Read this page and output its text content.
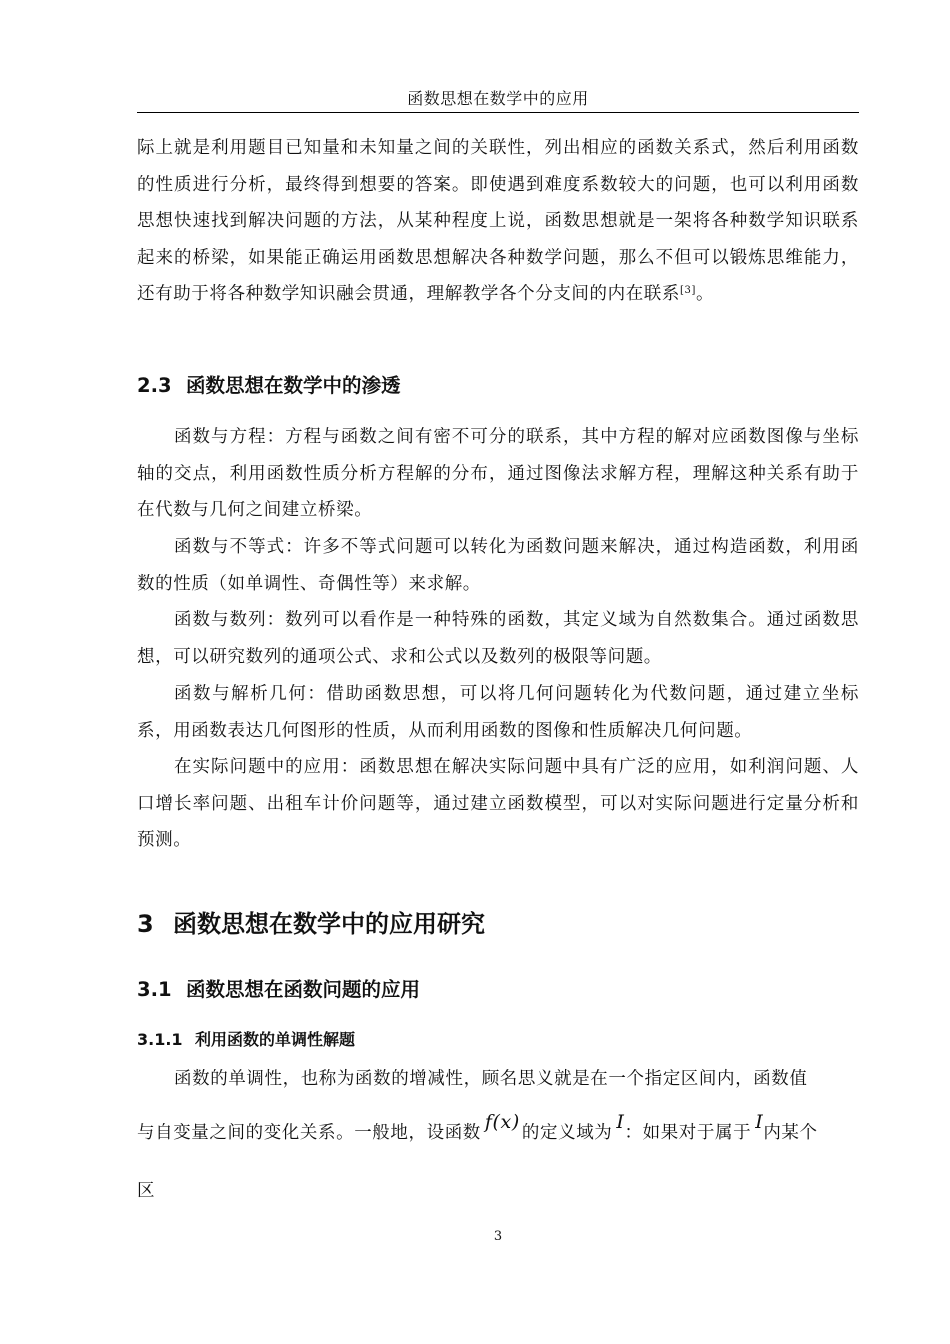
函数思想在数学中的应用

际上就是利用题目已知量和未知量之间的关联性，列出相应的函数关系式，然后利用函数的性质进行分析，最终得到想要的答案。即使遇到难度系数较大的问题，也可以利用函数思想快速找到解决问题的方法，从某种程度上说，函数思想就是一架将各种数学知识联系起来的桥梁，如果能正确运用函数思想解决各种数学问题，那么不但可以锻炼思维能力，还有助于将各种数学知识融会贯通，理解教学各个分支间的内在联系[3]。

2.3 函数思想在数学中的渗透

函数与方程：方程与函数之间有密不可分的联系，其中方程的解对应函数图像与坐标轴的交点，利用函数性质分析方程解的分布，通过图像法求解方程，理解这种关系有助于在代数与几何之间建立桥梁。

函数与不等式：许多不等式问题可以转化为函数问题来解决，通过构造函数，利用函数的性质（如单调性、奇偶性等）来求解。

函数与数列：数列可以看作是一种特殊的函数，其定义域为自然数集合。通过函数思想，可以研究数列的通项公式、求和公式以及数列的极限等问题。

函数与解析几何：借助函数思想，可以将几何问题转化为代数问题，通过建立坐标系，用函数表达几何图形的性质，从而利用函数的图像和性质解决几何问题。

在实际问题中的应用：函数思想在解决实际问题中具有广泛的应用，如利润问题、人口增长率问题、出租车计价问题等，通过建立函数模型，可以对实际问题进行定量分析和预测。

3 函数思想在数学中的应用研究
3.1 函数思想在函数问题的应用
3.1.1 利用函数的单调性解题

函数的单调性，也称为函数的增减性，顾名思义就是在一个指定区间内，函数值

与自变量之间的变化关系。一般地，设函数 f(x) 的定义域为 I：如果对于属于 I内某个

区

3
